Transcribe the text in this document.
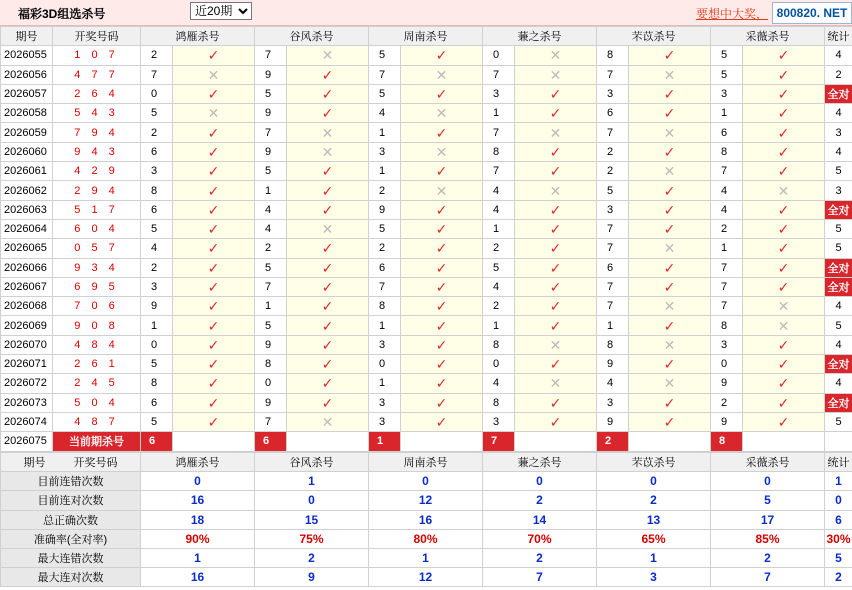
福彩3D组选杀号
近20期	要想中大奖， 800820. NET
期号	开奖号码	鸿雁杀号		谷风杀号		周南杀号		蒹之杀号		芣苡杀号		采薇杀号		统计
2026055	1 0 7	2	✓	7	✕	5	✓	0	✕	8	✓	5	✓	4
2026056	4 7 7	7	✕	9	✓	7	✕	7	✕	7	✕	5	✓	2
2026057	2 6 4	0	✓	5	✓	5	✓	3	✓	3	✓	3	✓	全对
2026058	5 4 3	5	✕	9	✓	4	✕	1	✓	6	✓	1	✓	4
2026059	7 9 4	2	✓	7	✕	1	✓	7	✕	7	✕	6	✓	3
2026060	9 4 3	6	✓	9	✕	3	✕	8	✓	2	✓	8	✓	4
2026061	4 2 9	3	✓	5	✓	1	✓	7	✓	2	✕	7	✓	5
2026062	2 9 4	8	✓	1	✓	2	✕	4	✕	5	✓	4	✕	3
2026063	5 1 7	6	✓	4	✓	9	✓	4	✓	3	✓	4	✓	全对
2026064	6 0 4	5	✓	4	✕	5	✓	1	✓	7	✓	2	✓	5
2026065	0 5 7	4	✓	2	✓	2	✓	2	✓	7	✕	1	✓	5
2026066	9 3 4	2	✓	5	✓	6	✓	5	✓	6	✓	7	✓	全对
2026067	6 9 5	3	✓	7	✓	7	✓	4	✓	7	✓	7	✓	全对
2026068	7 0 6	9	✓	1	✓	8	✓	2	✓	7	✕	7	✕	4
2026069	9 0 8	1	✓	5	✓	1	✓	1	✓	1	✓	8	✕	5
2026070	4 8 4	0	✓	9	✓	3	✓	8	✕	8	✕	3	✓	4
2026071	2 6 1	5	✓	8	✓	0	✓	0	✓	9	✓	0	✓	全对
2026072	2 4 5	8	✓	0	✓	1	✓	4	✕	4	✕	9	✓	4
2026073	5 0 4	6	✓	9	✓	3	✓	8	✓	3	✓	2	✓	全对
2026074	4 8 7	5	✓	7	✕	3	✓	3	✓	9	✓	9	✓	5
2026075	当前期杀号	6		6		1		7		2		8		
期号 开奖号码	鸿雁杀号	谷风杀号	周南杀号	蒹之杀号	芣苡杀号	采薇杀号	统计
目前连错次数	0	1	0	0	0	0	1
目前连对次数	16	0	12	2	2	5	0
总正确次数	18	15	16	14	13	17	6
准确率(全对率)	90%	75%	80%	70%	65%	85%	30%
最大连错次数	1	2	1	2	1	2	5
最大连对次数	16	9	12	7	3	7	2
